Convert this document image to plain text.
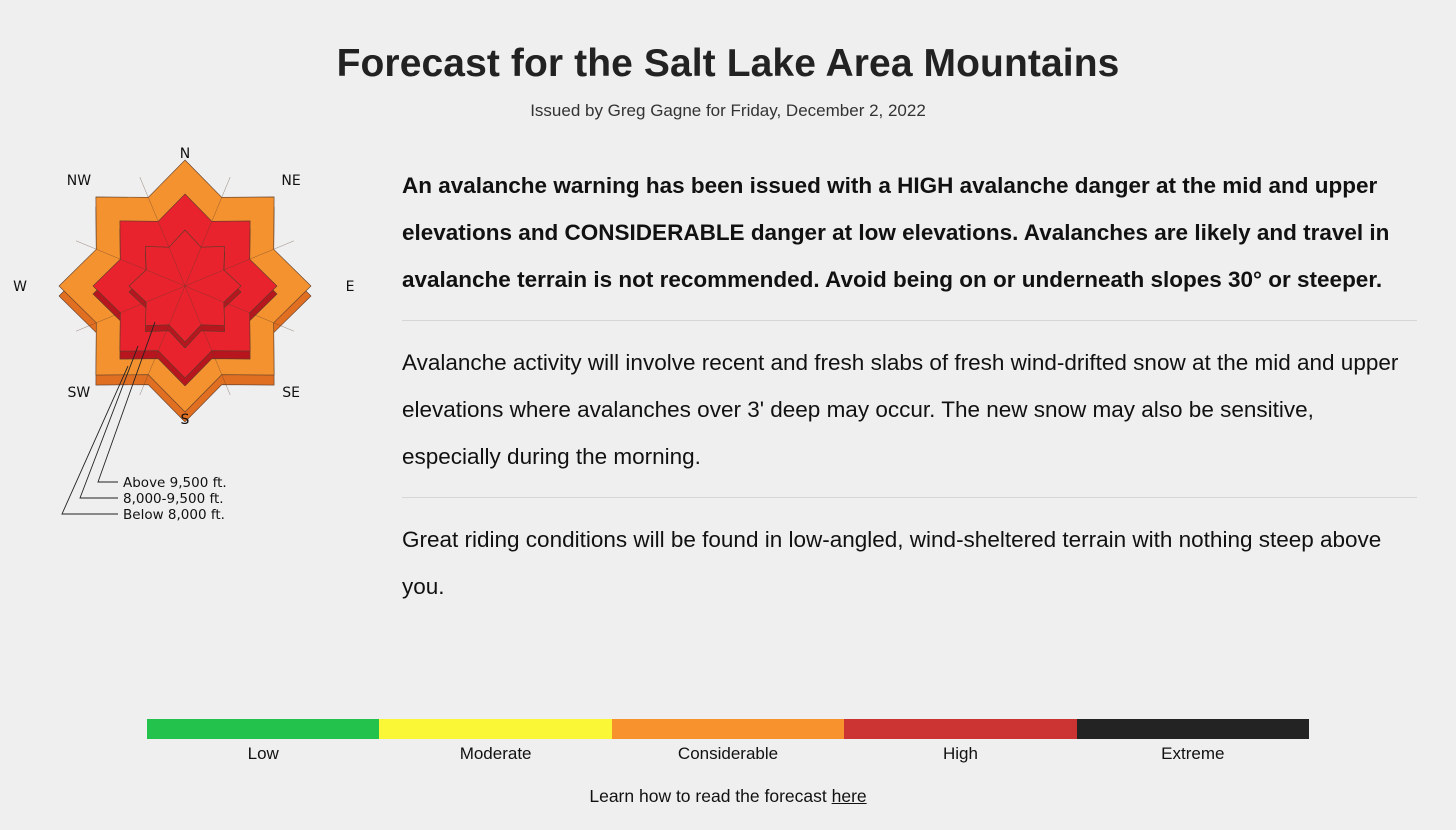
Forecast for the Salt Lake Area Mountains
Issued by Greg Gagne for Friday, December 2, 2022
N
NE
E
SE
S
SW
W
NW
Above 9,500 ft.
8,000-9,500 ft.
Below 8,000 ft.

An avalanche warning has been issued with a HIGH avalanche danger at the mid and upper elevations and CONSIDERABLE danger at low elevations. Avalanches are likely and travel in avalanche terrain is not recommended. Avoid being on or underneath slopes 30° or steeper.

Avalanche activity will involve recent and fresh slabs of fresh wind-drifted snow at the mid and upper elevations where avalanches over 3' deep may occur. The new snow may also be sensitive, especially during the morning.

Great riding conditions will be found in low-angled, wind-sheltered terrain with nothing steep above you.

Low	Moderate	Considerable	High	Extreme
Learn how to read the forecast here
